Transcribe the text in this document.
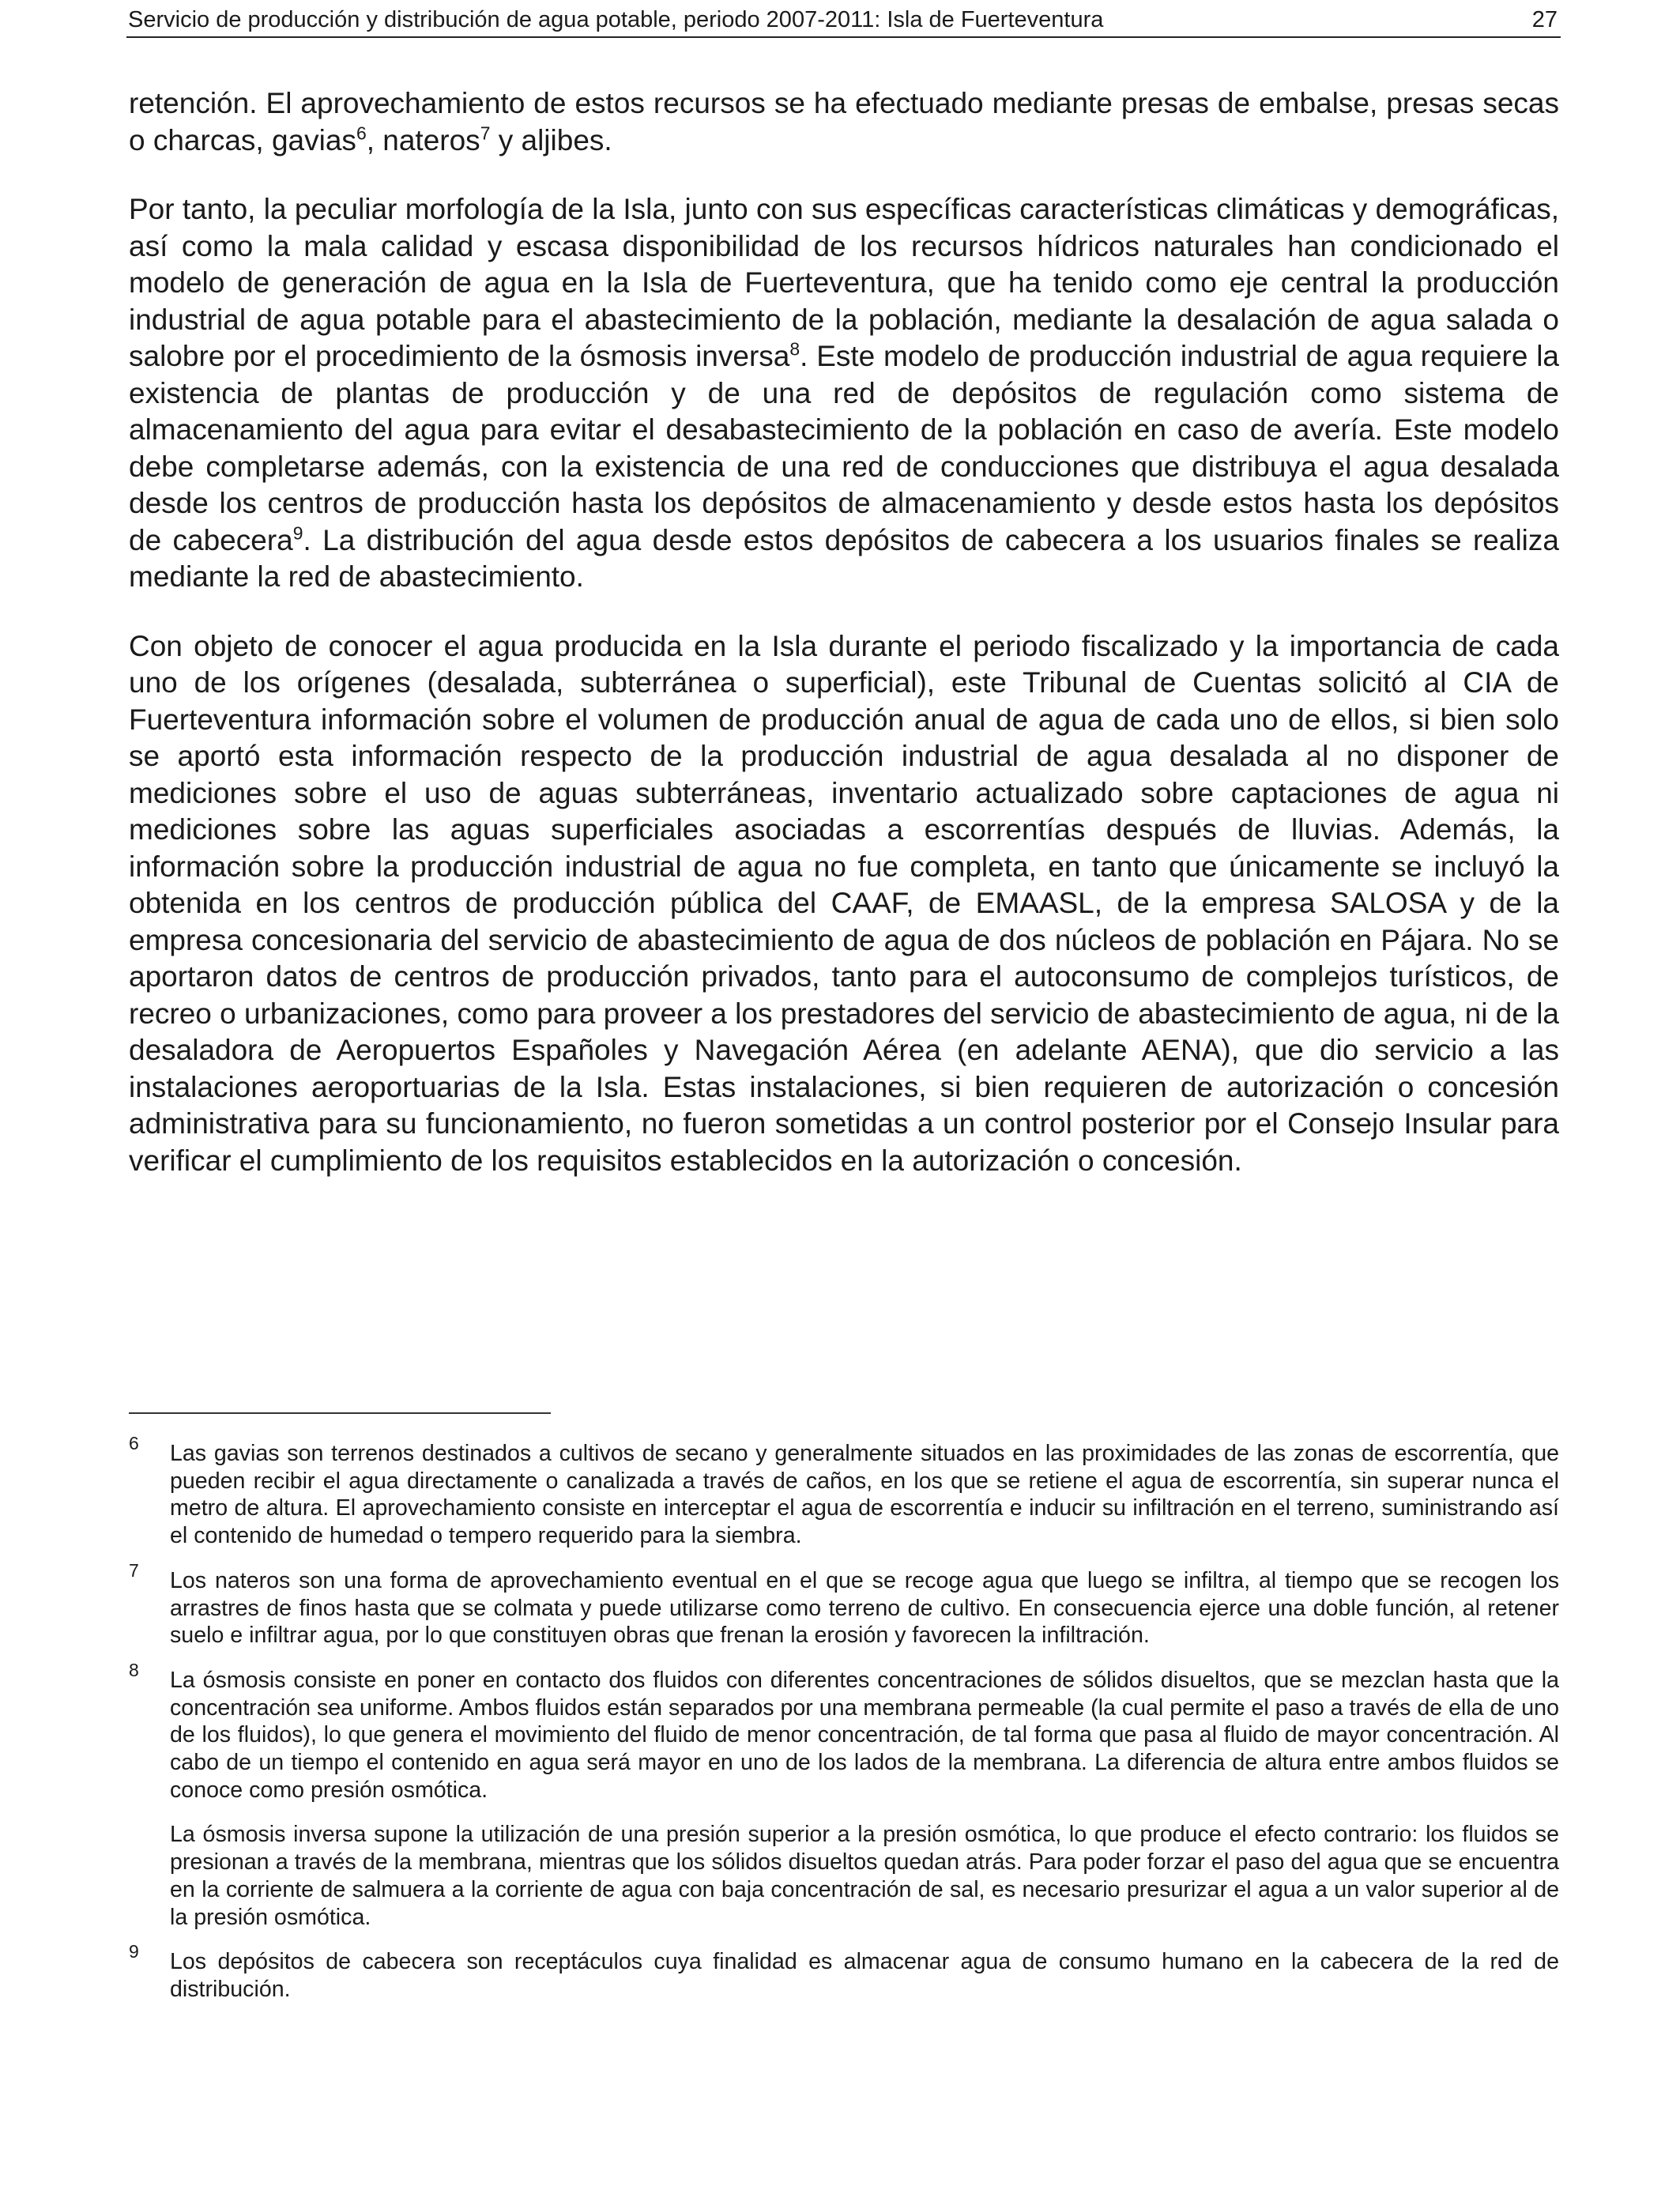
Servicio de producción y distribución de agua potable, periodo 2007-2011: Isla de Fuerteventura	27

retención. El aprovechamiento de estos recursos se ha efectuado mediante presas de embalse, presas secas o charcas, gavias$^6$, nateros$^7$ y aljibes.

Por tanto, la peculiar morfología de la Isla, junto con sus específicas características climáticas y demográficas, así como la mala calidad y escasa disponibilidad de los recursos hídricos naturales han condicionado el modelo de generación de agua en la Isla de Fuerteventura, que ha tenido como eje central la producción industrial de agua potable para el abastecimiento de la población, mediante la desalación de agua salada o salobre por el procedimiento de la ósmosis inversa$^8$. Este modelo de producción industrial de agua requiere la existencia de plantas de producción y de una red de depósitos de regulación como sistema de almacenamiento del agua para evitar el desabastecimiento de la población en caso de avería. Este modelo debe completarse además, con la existencia de una red de conducciones que distribuya el agua desalada desde los centros de producción hasta los depósitos de almacenamiento y desde estos hasta los depósitos de cabecera$^9$. La distribución del agua desde estos depósitos de cabecera a los usuarios finales se realiza mediante la red de abastecimiento.

Con objeto de conocer el agua producida en la Isla durante el periodo fiscalizado y la importancia de cada uno de los orígenes (desalada, subterránea o superficial), este Tribunal de Cuentas solicitó al CIA de Fuerteventura información sobre el volumen de producción anual de agua de cada uno de ellos, si bien solo se aportó esta información respecto de la producción industrial de agua desalada al no disponer de mediciones sobre el uso de aguas subterráneas, inventario actualizado sobre captaciones de agua ni mediciones sobre las aguas superficiales asociadas a escorrentías después de lluvias. Además, la información sobre la producción industrial de agua no fue completa, en tanto que únicamente se incluyó la obtenida en los centros de producción pública del CAAF, de EMAASL, de la empresa SALOSA y de la empresa concesionaria del servicio de abastecimiento de agua de dos núcleos de población en Pájara. No se aportaron datos de centros de producción privados, tanto para el autoconsumo de complejos turísticos, de recreo o urbanizaciones, como para proveer a los prestadores del servicio de abastecimiento de agua, ni de la desaladora de Aeropuertos Españoles y Navegación Aérea (en adelante AENA), que dio servicio a las instalaciones aeroportuarias de la Isla. Estas instalaciones, si bien requieren de autorización o concesión administrativa para su funcionamiento, no fueron sometidas a un control posterior por el Consejo Insular para verificar el cumplimiento de los requisitos establecidos en la autorización o concesión.

6 Las gavias son terrenos destinados a cultivos de secano y generalmente situados en las proximidades de las zonas de escorrentía, que pueden recibir el agua directamente o canalizada a través de caños, en los que se retiene el agua de escorrentía, sin superar nunca el metro de altura. El aprovechamiento consiste en interceptar el agua de escorrentía e inducir su infiltración en el terreno, suministrando así el contenido de humedad o tempero requerido para la siembra.

7 Los nateros son una forma de aprovechamiento eventual en el que se recoge agua que luego se infiltra, al tiempo que se recogen los arrastres de finos hasta que se colmata y puede utilizarse como terreno de cultivo. En consecuencia ejerce una doble función, al retener suelo e infiltrar agua, por lo que constituyen obras que frenan la erosión y favorecen la infiltración.

8 La ósmosis consiste en poner en contacto dos fluidos con diferentes concentraciones de sólidos disueltos, que se mezclan hasta que la concentración sea uniforme. Ambos fluidos están separados por una membrana permeable (la cual permite el paso a través de ella de uno de los fluidos), lo que genera el movimiento del fluido de menor concentración, de tal forma que pasa al fluido de mayor concentración. Al cabo de un tiempo el contenido en agua será mayor en uno de los lados de la membrana. La diferencia de altura entre ambos fluidos se conoce como presión osmótica.

La ósmosis inversa supone la utilización de una presión superior a la presión osmótica, lo que produce el efecto contrario: los fluidos se presionan a través de la membrana, mientras que los sólidos disueltos quedan atrás. Para poder forzar el paso del agua que se encuentra en la corriente de salmuera a la corriente de agua con baja concentración de sal, es necesario presurizar el agua a un valor superior al de la presión osmótica.

9 Los depósitos de cabecera son receptáculos cuya finalidad es almacenar agua de consumo humano en la cabecera de la red de distribución.
